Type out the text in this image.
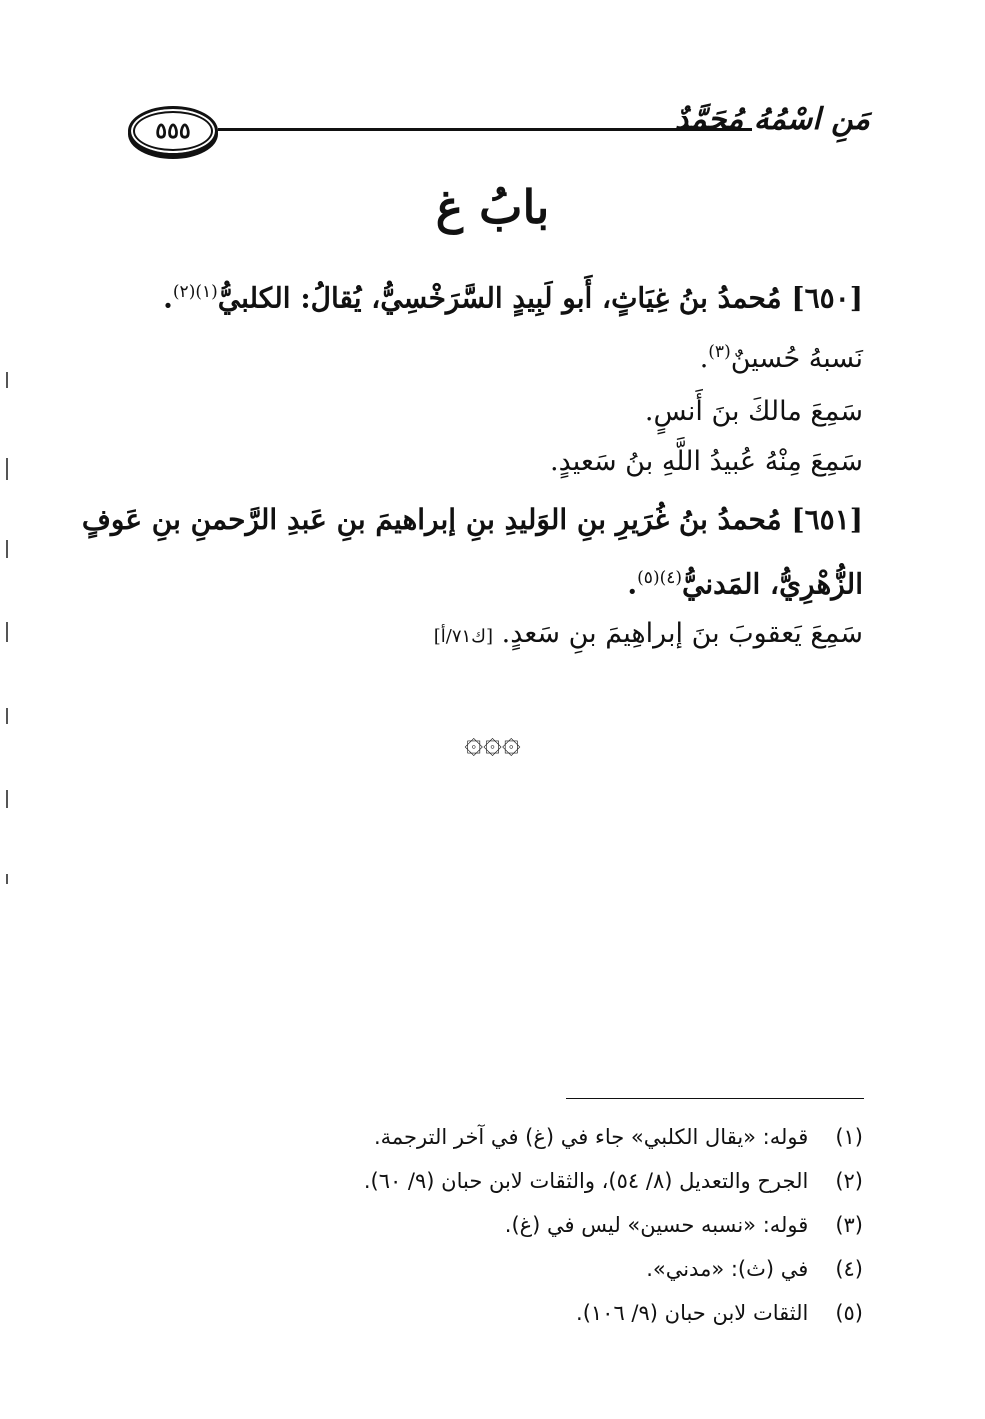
٥٥٥	مَنِ اسْمُهُ مُحَمَّدٌ
بابُ غ
[٦٥٠] مُحمدُ بنُ غِيَاثٍ، أَبو لَبِيدٍ السَّرَخْسِيُّ، يُقالُ: الكلبيُّ$^{(١)(٢)}$.
نَسبهُ حُسينٌ$^{(٣)}$.
سَمِعَ مالكَ بنَ أَنسٍ.
سَمِعَ مِنْهُ عُبيدُ اللَّهِ بنُ سَعيدٍ.
[٦٥١] مُحمدُ بنُ غُرَيرِ بنِ الوَليدِ بنِ إبراهيمَ بنِ عَبدِ الرَّحمنِ بنِ عَوفٍ
الزُّهْرِيُّ، المَدنيُّ$^{(٤)(٥)}$.
سَمِعَ يَعقوبَ بنَ إبراهِيمَ بنِ سَعدٍ. [ك٧١/أ]
۞۞۞
(١) قوله: «يقال الكلبي» جاء في (غ) في آخر الترجمة.
(٢) الجرح والتعديل (٨/ ٥٤)، والثقات لابن حبان (٩/ ٦٠).
(٣) قوله: «نسبه حسين» ليس في (غ).
(٤) في (ث): «مدني».
(٥) الثقات لابن حبان (٩/ ١٠٦).
